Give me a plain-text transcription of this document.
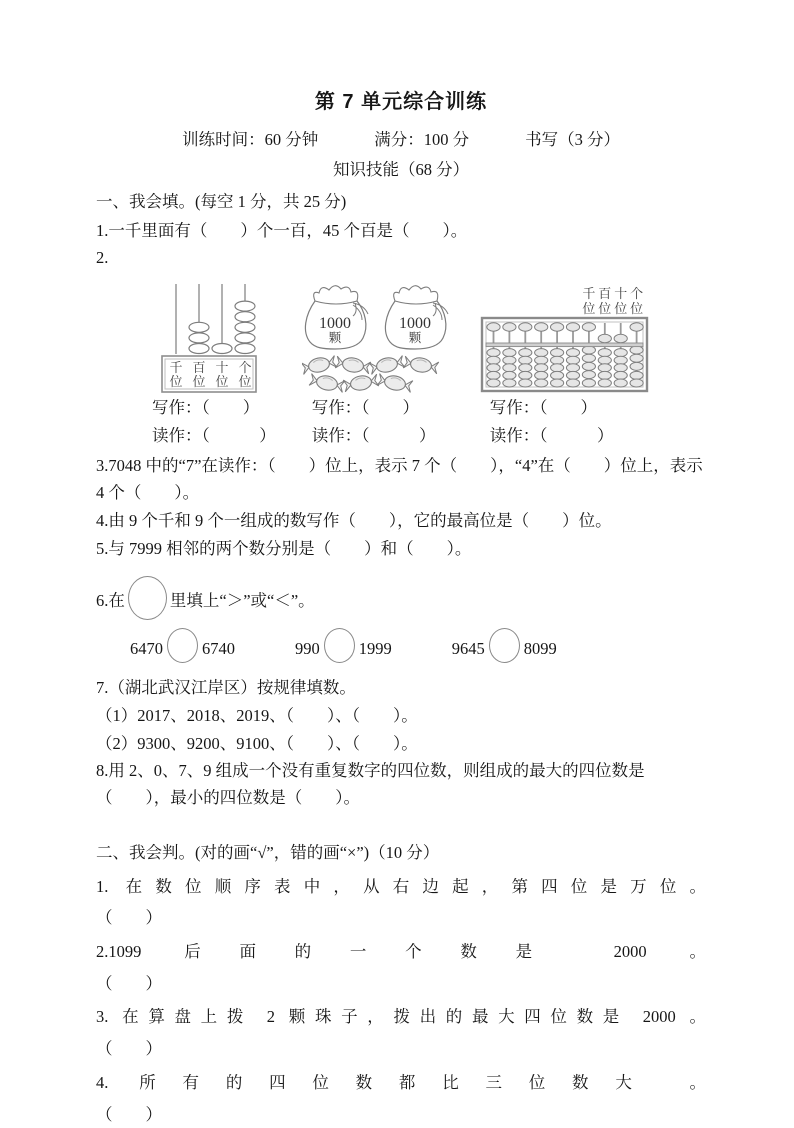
第 7 单元综合训练
训练时间：60 分钟	满分：100 分	书写（3 分）
知识技能（68 分）
一、我会填。(每空 1 分，共 25 分)
1.一千里面有（　　）个一百，45 个百是（　　）。
2.
千 百 十 个
位 位 位 位
写作：（　　）
读作：（　　　）
1000
颗
1000
颗
写作：（　　）
读作：（　　　）
千 百 十 个
位 位 位 位
写作：（　　）
读作：（　　　）
3.7048 中的“7”在读作：（　　）位上，表示 7 个（　　），“4”在（　　）位上，表示 4 个（　　）。
4.由 9 个千和 9 个一组成的数写作（　　），它的最高位是（　　）位。
5.与 7999 相邻的两个数分别是（　　）和（　　）。
6.在	里填上“＞”或“＜”。
6470 6740	990 1999	9645 8099
7.（湖北武汉江岸区）按规律填数。
（1）2017、2018、2019、（　　）、（　　）。
（2）9300、9200、9100、（　　）、（　　）。
8.用 2、0、7、9 组成一个没有重复数字的四位数，则组成的最大的四位数是（　　），最小的四位数是（　　）。
二、我会判。(对的画“√”，错的画“×”)（10 分）
1. 在数位顺序表中，从右边起，第四位是万位。
（　　）
2.1099 后面的一个数是 2000 。
（　　）
3. 在算盘上拨 2 颗珠子，拨出的最大四位数是 2000 。
（　　）
4. 所有的四位数都比三位数大 。
（　　）
